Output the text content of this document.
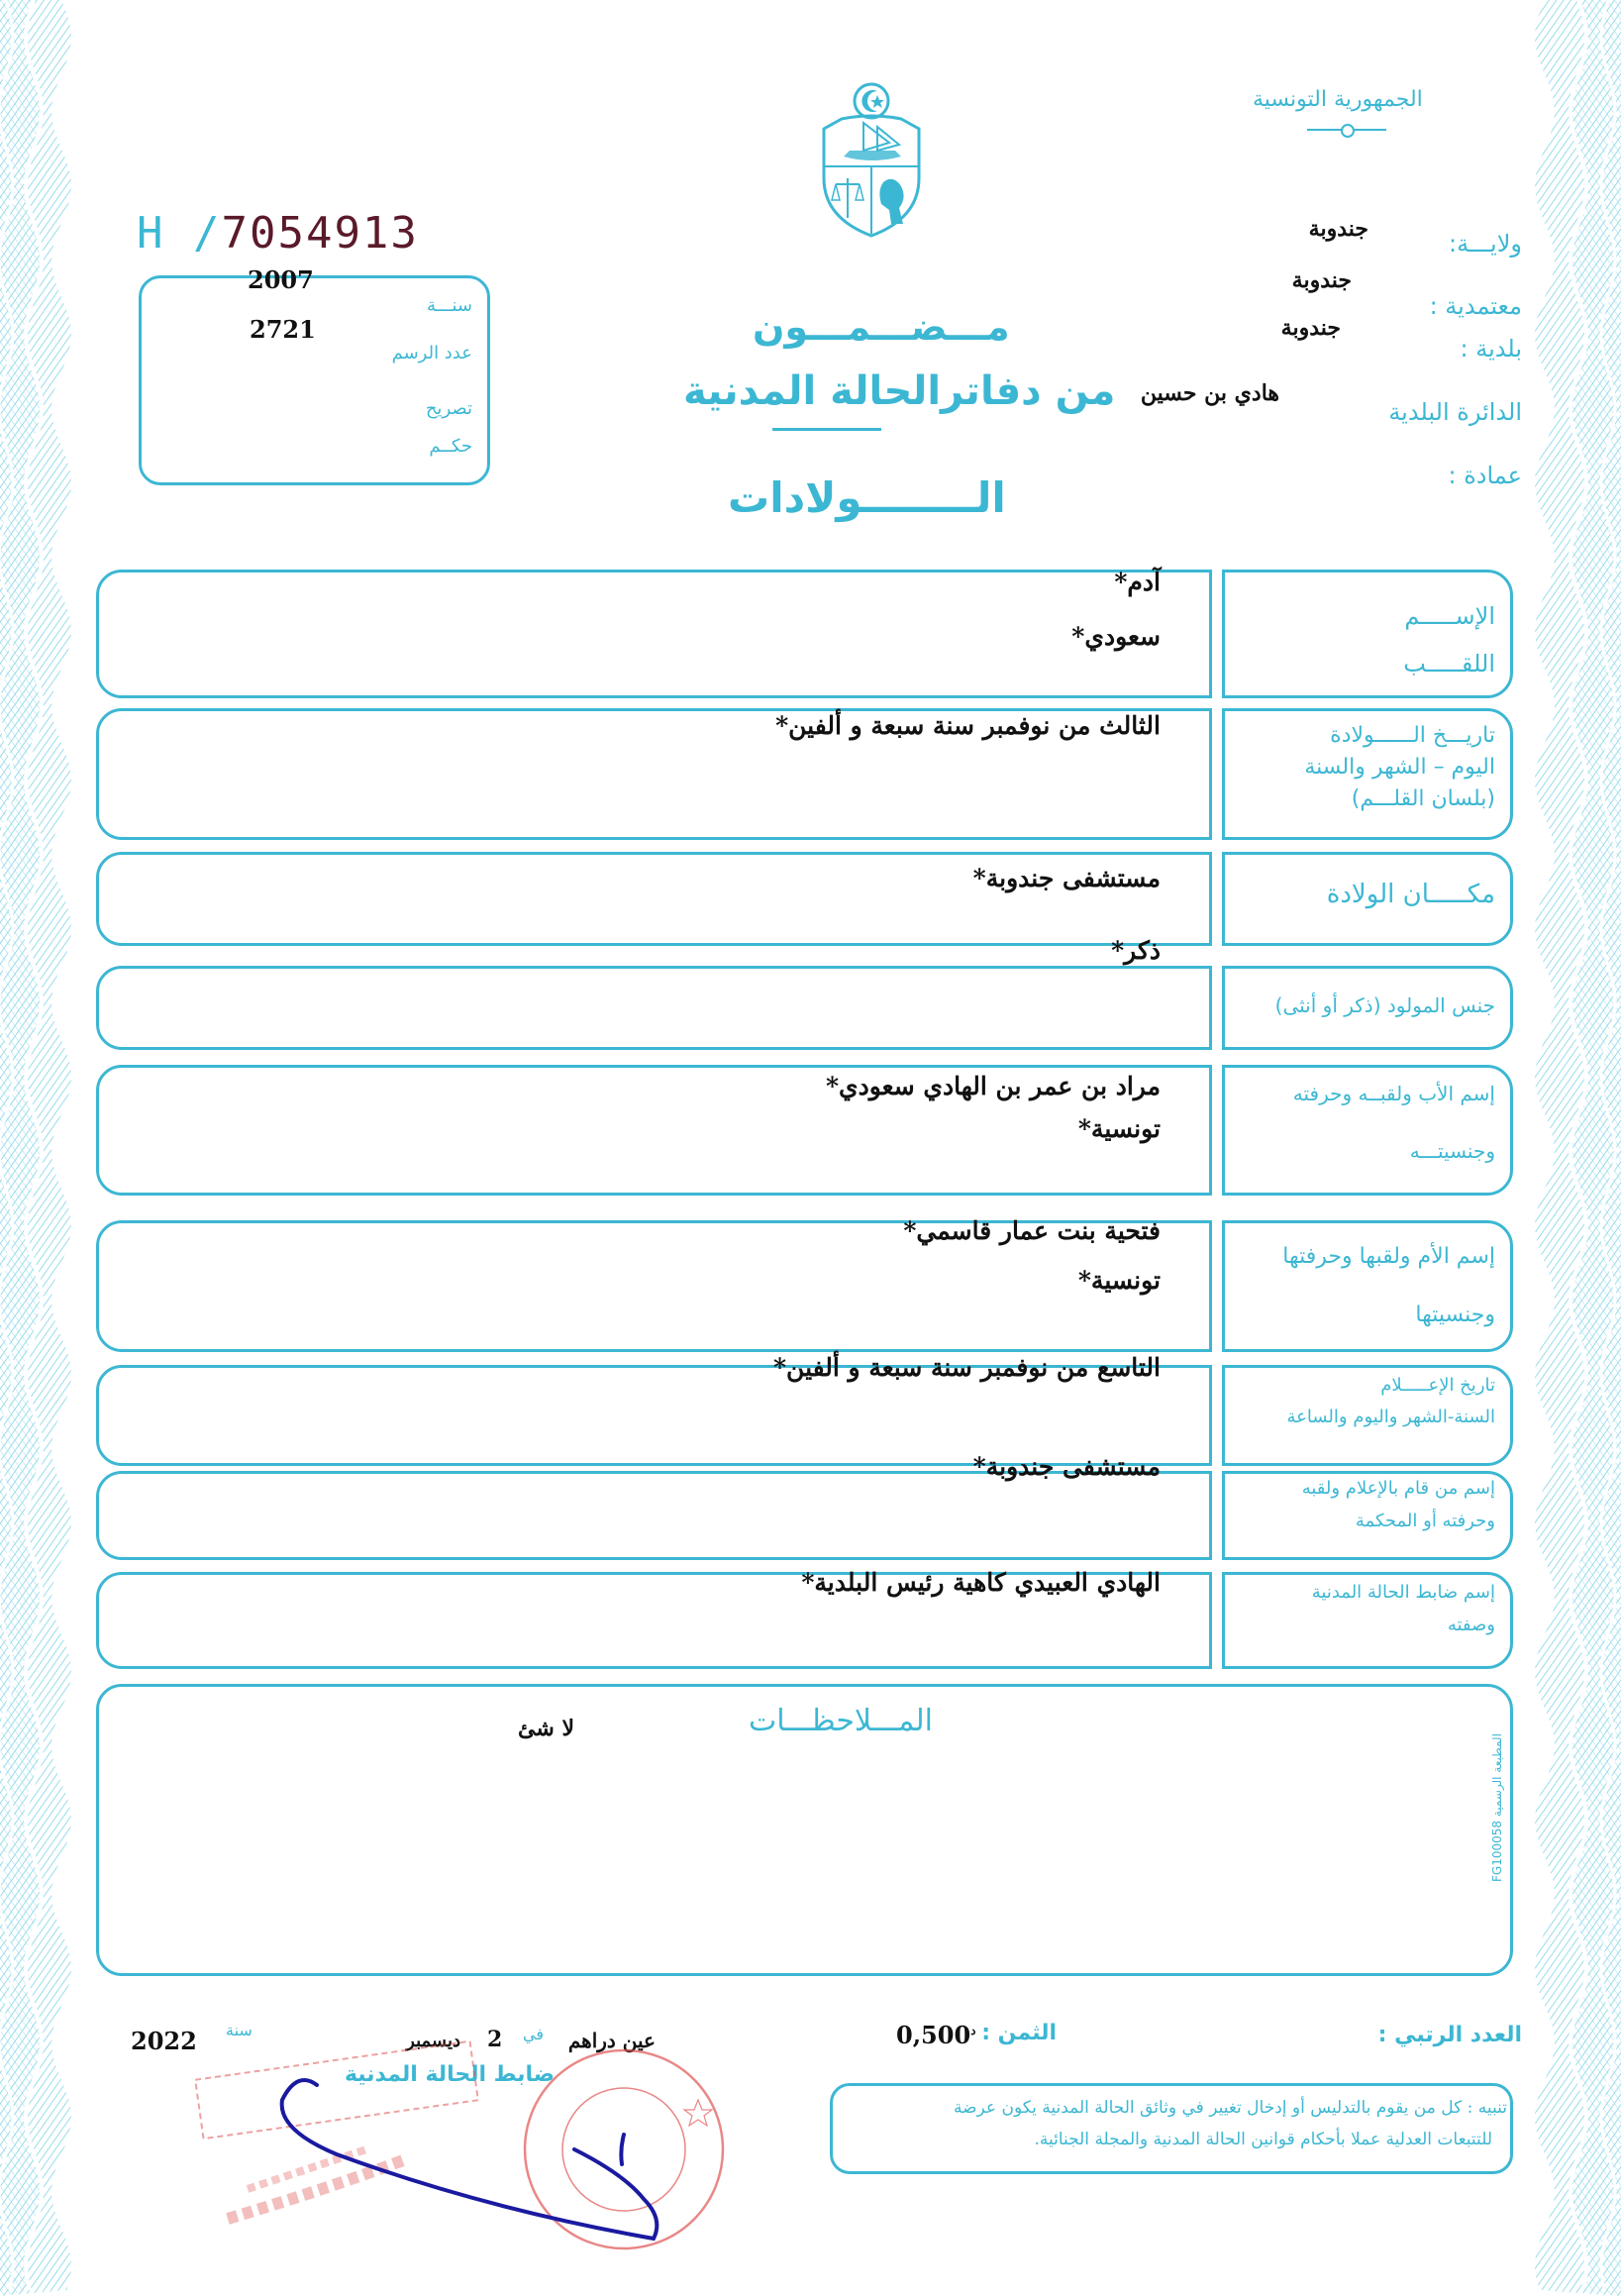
الجمهورية التونسية
H /7054913
2007
2721
سنـــة
عدد الرسم
تصريح
حكــم
ولايـــة:
جندوبة
معتمدية :
جندوبة
بلدية :
جندوبة
الدائرة البلدية
هادي بن حسين
عمادة :
مـــضـــمـــون
من دفاترالحالة المدنية
الــــــــولادات
الإســـــم
اللقـــــب
آدم*
سعودي*
تاريـــخ الــــــولادة
اليوم – الشهر والسنة
(بلسان القلـــم)
الثالث من نوفمبر سنة سبعة و ألفين*
مكـــــان الولادة
مستشفى جندوبة*
جنس المولود (ذكر أو أنثى)
ذكر*
إسم الأب ولقبــه وحرفته
وجنسيتـــه
مراد بن عمر بن الهادي سعودي*
تونسية*
إسم الأم ولقبها وحرفتها
وجنسيتها
فتحية بنت عمار قاسمي*
تونسية*
تاريخ الإعـــــلام
السنة-الشهر واليوم والساعة
التاسع من نوفمبر سنة سبعة و ألفين*
إسم من قام بالإعلام ولقبه
وحرفته أو المحكمة
مستشفى جندوبة*
إسم ضابط الحالة المدنية
وصفته
الهادي العبيدي كاهية رئيس البلدية*
المـــلاحظـــات
لا شئ
المطبعة الرسمية FG100058
العدد الرتبي :
الثمن :
$^د$0,500
تنبيه : كل من يقوم بالتدليس أو إدخال تغيير في وثائق الحالة المدنية يكون عرضة
للتتبعات العدلية عملا بأحكام قوانين الحالة المدنية والمجلة الجنائية.
عين دراهم
في
2
ديسمبر
سنة
2022
ضابط الحالة المدنية
